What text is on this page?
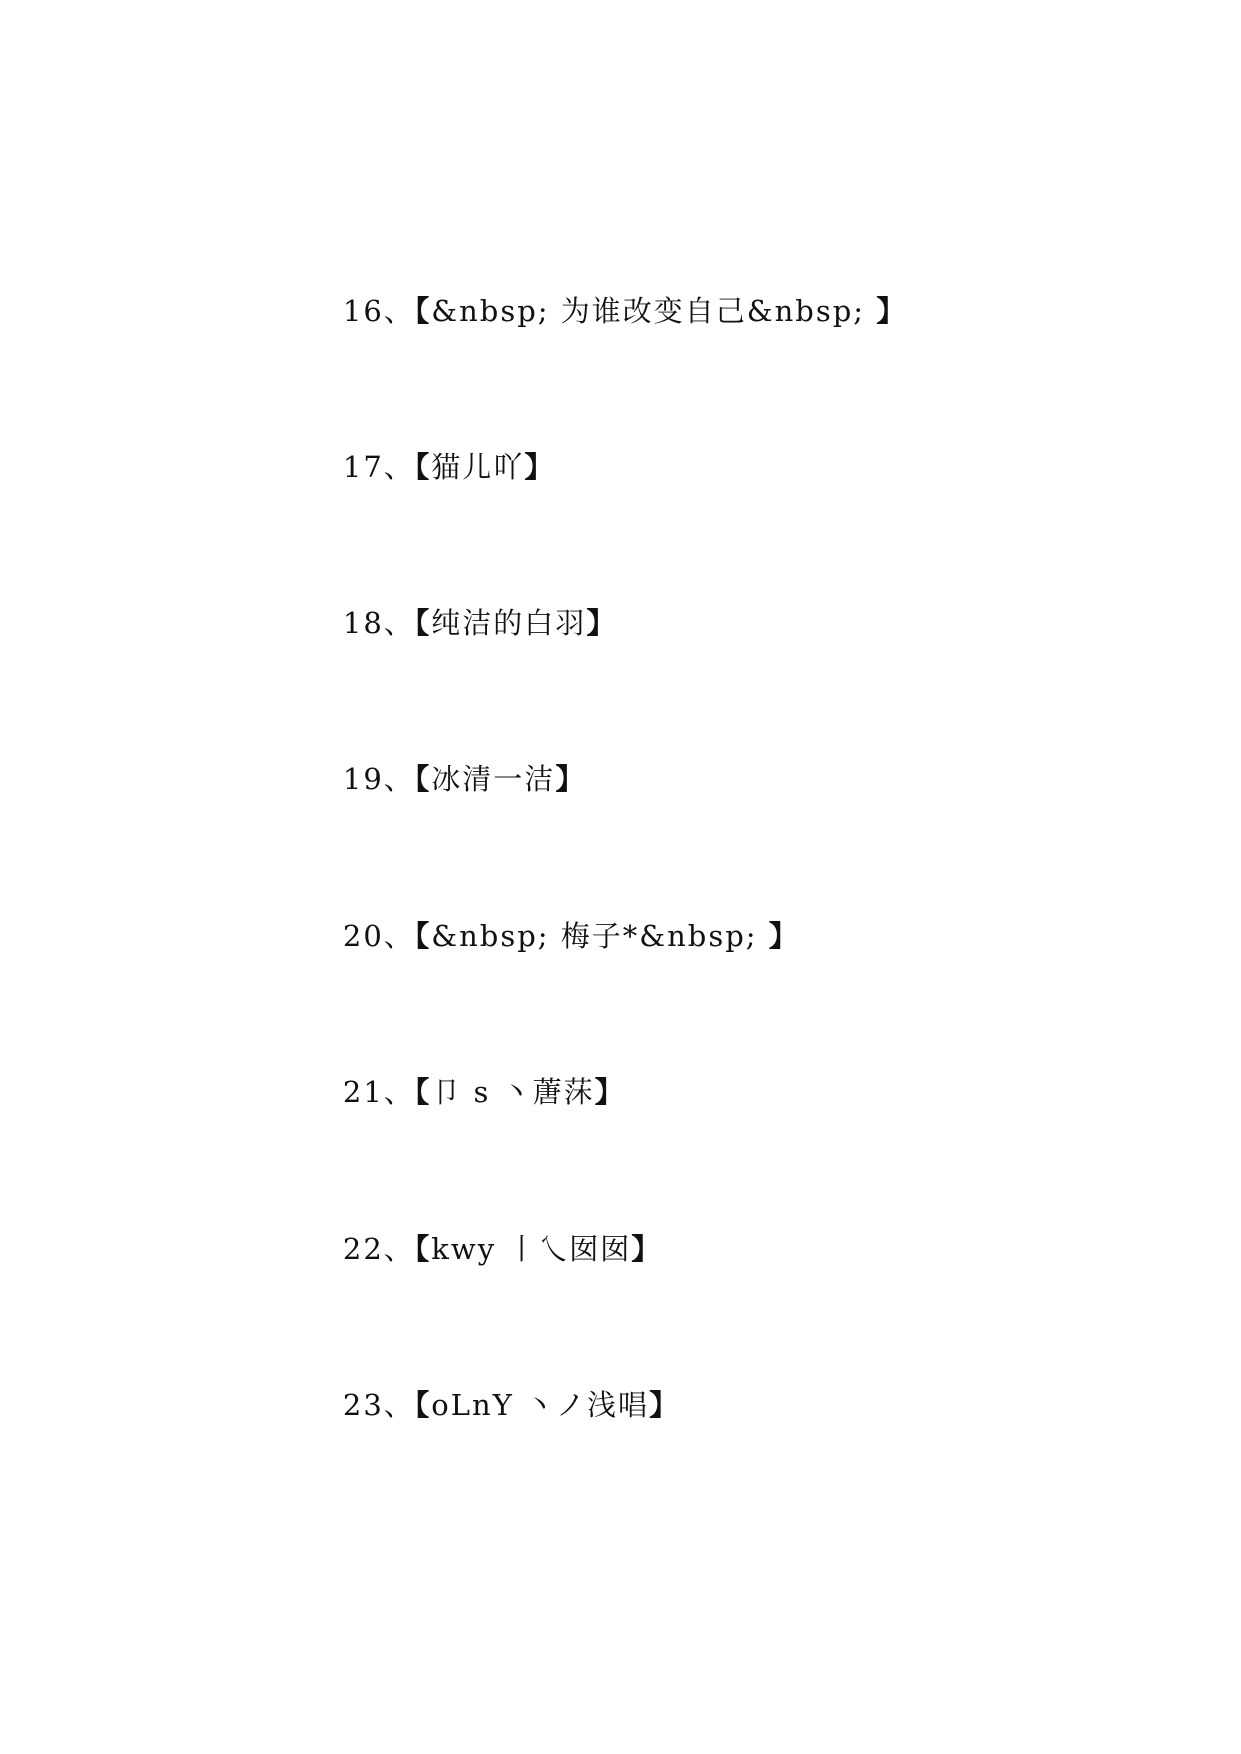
16、【&nbsp; 为谁改变自己&nbsp; 】

17、【猫儿吖】

18、【纯洁的白羽】

19、【冰清一洁】

20、【&nbsp; 梅子*&nbsp; 】

21、【卩 s 丶蓎莯】

22、【kwy 丨乀囡囡】

23、【oLnY 丶ノ浅唱】
